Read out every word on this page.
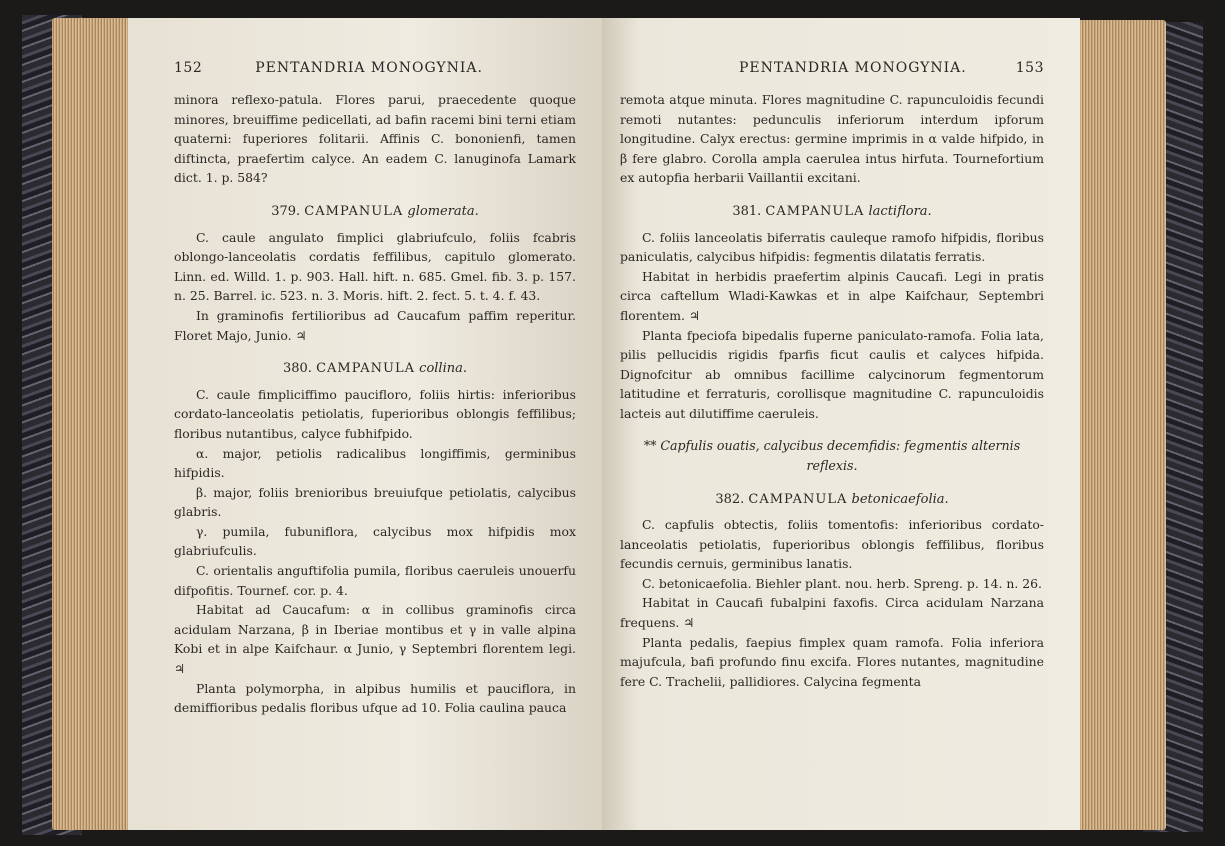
152	PENTANDRIA MONOGYNIA.

minora reflexo-patula. Flores parui, praecedente quoque minores, breuiffime pedicellati, ad bafin racemi bini terni etiam quaterni: fuperiores folitarii. Affinis C. bononienfi, tamen diftincta, praefertim calyce. An eadem C. lanuginofa Lamark dict. 1. p. 584?

379. CAMPANULA glomerata.

C. caule angulato fimplici glabriufculo, foliis fcabris oblongo-lanceolatis cordatis feffilibus, capitulo glomerato. Linn. ed. Willd. 1. p. 903. Hall. hift. n. 685. Gmel. fib. 3. p. 157. n. 25. Barrel. ic. 523. n. 3. Moris. hift. 2. fect. 5. t. 4. f. 43.

In graminofis fertilioribus ad Caucafum paffim reperitur. Floret Majo, Junio. ♃

380. CAMPANULA collina.

C. caule fimpliciffimo paucifloro, foliis hirtis: inferioribus cordato-lanceolatis petiolatis, fuperioribus oblongis feffilibus; floribus nutantibus, calyce fubhifpido.

α. major, petiolis radicalibus longiffimis, germinibus hifpidis.

β. major, foliis brenioribus breuiufque petiolatis, calycibus glabris.

γ. pumila, fubuniflora, calycibus mox hifpidis mox glabriufculis.

C. orientalis anguftifolia pumila, floribus caeruleis unouerfu difpofitis. Tournef. cor. p. 4.

Habitat ad Caucafum: α in collibus graminofis circa acidulam Narzana, β in Iberiae montibus et γ in valle alpina Kobi et in alpe Kaifchaur. α Junio, γ Septembri florentem legi. ♃

Planta polymorpha, in alpibus humilis et pauciflora, in demiffioribus pedalis floribus ufque ad 10. Folia caulina pauca

PENTANDRIA MONOGYNIA.	153

remota atque minuta. Flores magnitudine C. rapunculoidis fecundi remoti nutantes: pedunculis inferiorum interdum ipforum longitudine. Calyx erectus: germine imprimis in α valde hifpido, in β fere glabro. Corolla ampla caerulea intus hirfuta. Tournefortium ex autopfia herbarii Vaillantii excitani.

381. CAMPANULA lactiflora.

C. foliis lanceolatis biferratis cauleque ramofo hifpidis, floribus paniculatis, calycibus hifpidis: fegmentis dilatatis ferratis.

Habitat in herbidis praefertim alpinis Caucafi. Legi in pratis circa caftellum Wladi-Kawkas et in alpe Kaifchaur, Septembri florentem. ♃

Planta fpeciofa bipedalis fuperne paniculato-ramofa. Folia lata, pilis pellucidis rigidis fparfis ficut caulis et calyces hifpida. Dignofcitur ab omnibus facillime calycinorum fegmentorum latitudine et ferraturis, corollisque magnitudine C. rapunculoidis lacteis aut dilutiffime caeruleis.

** Capfulis ouatis, calycibus decemfidis: fegmentis alternis reflexis.
382. CAMPANULA betonicaefolia.

C. capfulis obtectis, foliis tomentofis: inferioribus cordato-lanceolatis petiolatis, fuperioribus oblongis feffilibus, floribus fecundis cernuis, germinibus lanatis.

C. betonicaefolia. Biehler plant. nou. herb. Spreng. p. 14. n. 26.

Habitat in Caucafi fubalpini faxofis. Circa acidulam Narzana frequens. ♃

Planta pedalis, faepius fimplex quam ramofa. Folia inferiora majufcula, bafi profundo finu excifa. Flores nutantes, magnitudine fere C. Trachelii, pallidiores. Calycina fegmenta
